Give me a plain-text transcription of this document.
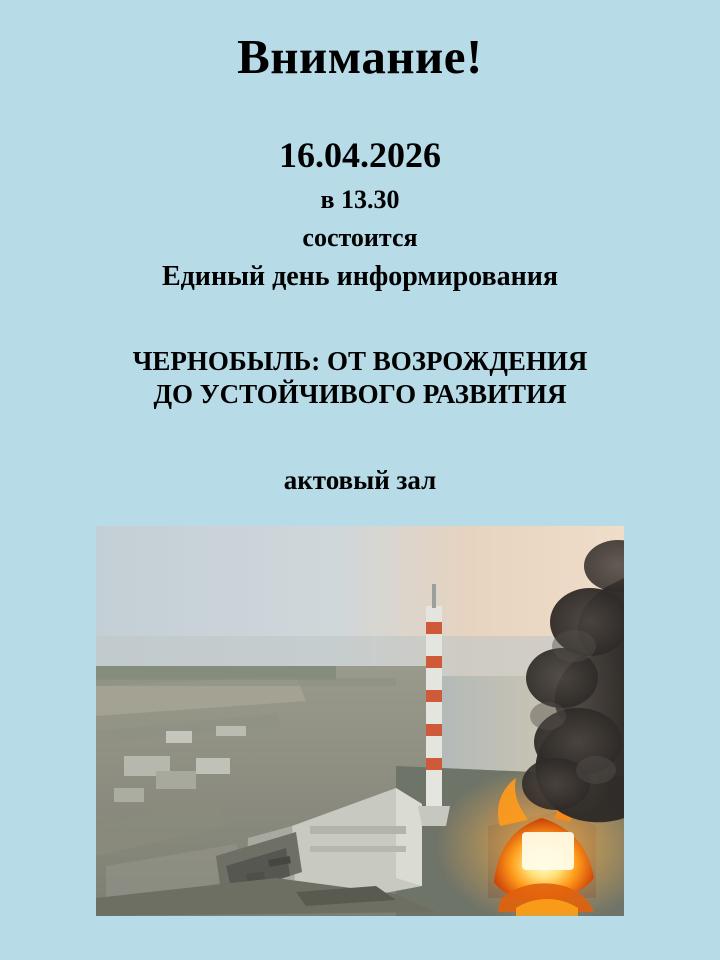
Внимание!
16.04.2026
в 13.30
состоится
Единый день информирования
ЧЕРНОБЫЛЬ: ОТ ВОЗРОЖДЕНИЯ
ДО УСТОЙЧИВОГО РАЗВИТИЯ
актовый зал
